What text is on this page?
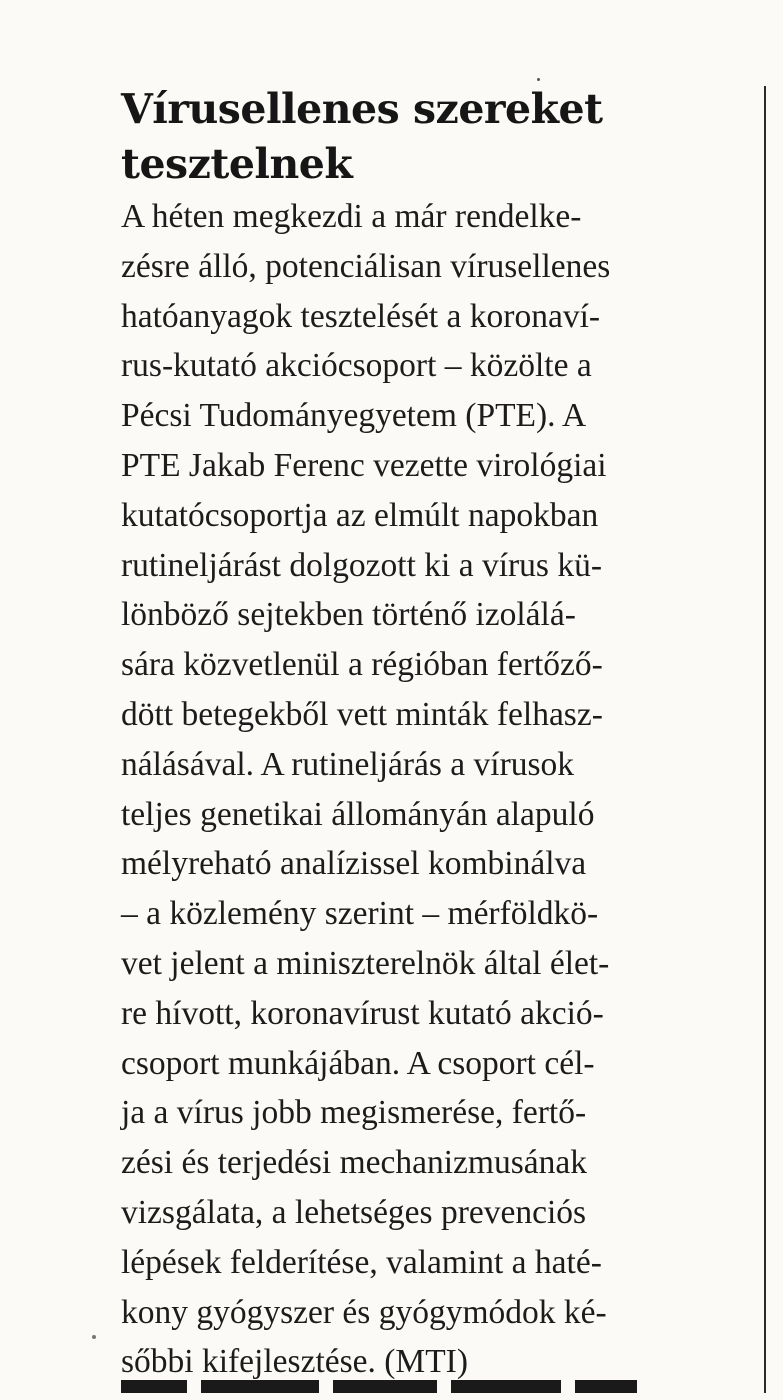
Vírusellenes szereket
tesztelnek
A héten megkezdi a már rendelke-
zésre álló, potenciálisan vírusellenes
hatóanyagok tesztelését a koronaví-
rus-kutató akciócsoport – közölte a
Pécsi Tudományegyetem (PTE). A
PTE Jakab Ferenc vezette virológiai
kutatócsoportja az elmúlt napokban
rutineljárást dolgozott ki a vírus kü-
lönböző sejtekben történő izolálá-
sára közvetlenül a régióban fertőző-
dött betegekből vett minták felhasz-
nálásával. A rutineljárás a vírusok
teljes genetikai állományán alapuló
mélyreható analízissel kombinálva
– a közlemény szerint – mérföldkö-
vet jelent a miniszterelnök által élet-
re hívott, koronavírust kutató akció-
csoport munkájában. A csoport cél-
ja a vírus jobb megismerése, fertő-
zési és terjedési mechanizmusának
vizsgálata, a lehetséges prevenciós
lépések felderítése, valamint a haté-
kony gyógyszer és gyógymódok ké-
sőbbi kifejlesztése. (MTI)
